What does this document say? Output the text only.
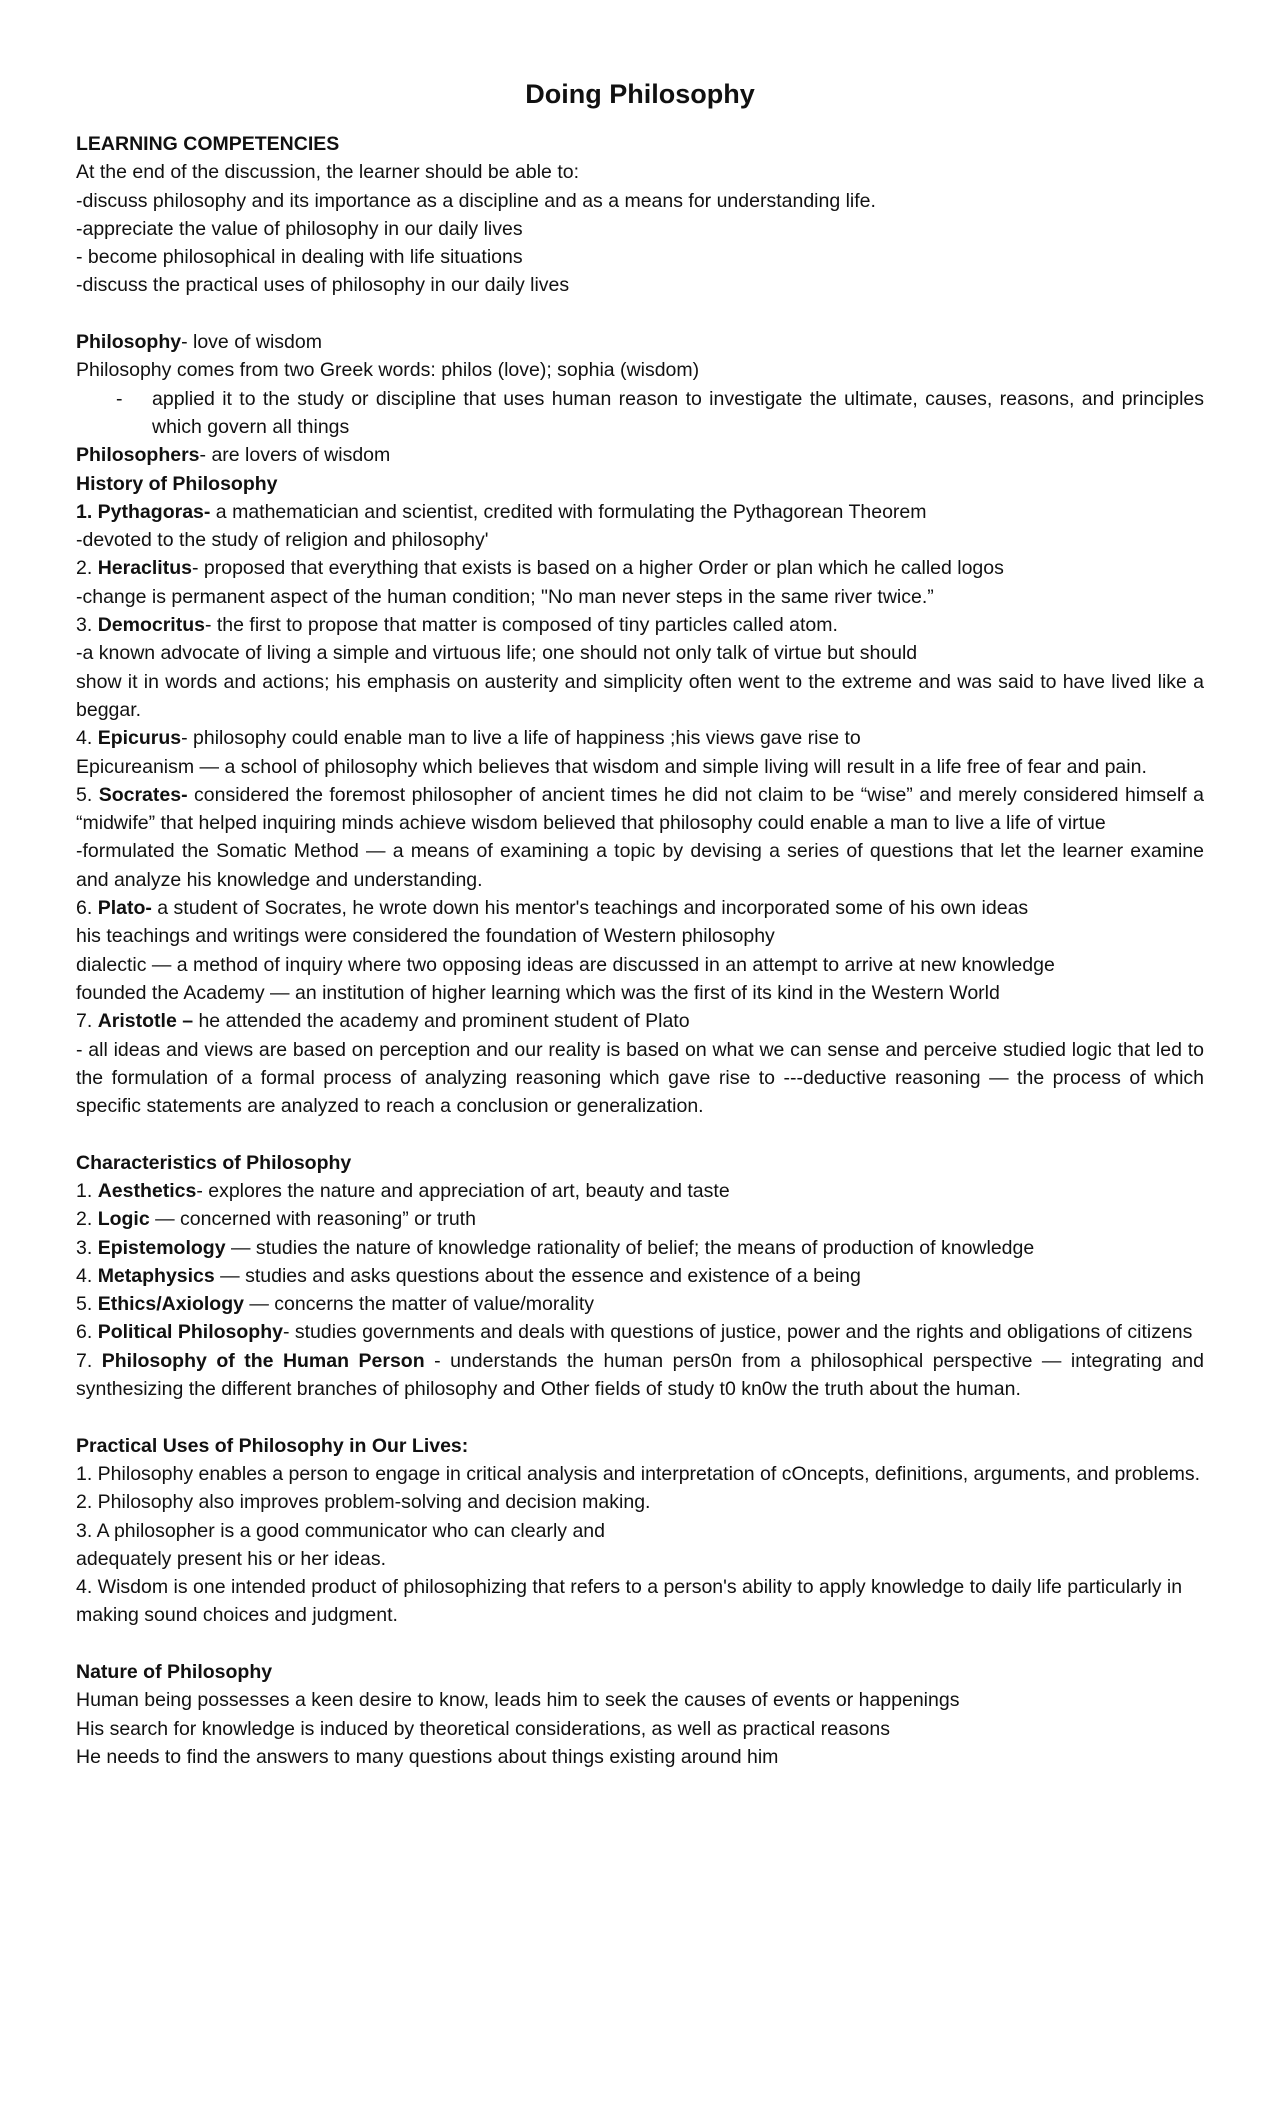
Doing Philosophy

LEARNING COMPETENCIES

At the end of the discussion, the learner should be able to:

-discuss philosophy and its importance as a discipline and as a means for understanding life.

-appreciate the value of philosophy in our daily lives

- become philosophical in dealing with life situations

-discuss the practical uses of philosophy in our daily lives

Philosophy- love of wisdom

Philosophy comes from two Greek words: philos (love); sophia (wisdom)

-	applied it to the study or discipline that uses human reason to investigate the ultimate, causes, reasons, and principles which govern all things

Philosophers- are lovers of wisdom

History of Philosophy

1. Pythagoras- a mathematician and scientist, credited with formulating the Pythagorean Theorem

-devoted to the study of religion and philosophy'

2. Heraclitus- proposed that everything that exists is based on a higher Order or plan which he called logos

-change is permanent aspect of the human condition; "No man never steps in the same river twice.”

3. Democritus- the first to propose that matter is composed of tiny particles called atom.

-a known advocate of living a simple and virtuous life; one should not only talk of virtue but should

show it in words and actions; his emphasis on austerity and simplicity often went to the extreme and was said to have lived like a beggar.

4. Epicurus- philosophy could enable man to live a life of happiness ;his views gave rise to

Epicureanism — a school of philosophy which believes that wisdom and simple living will result in a life free of fear and pain.

5. Socrates- considered the foremost philosopher of ancient times he did not claim to be “wise” and merely considered himself a “midwife” that helped inquiring minds achieve wisdom believed that philosophy could enable a man to live a life of virtue

-formulated the Somatic Method — a means of examining a topic by devising a series of questions that let the learner examine and analyze his knowledge and understanding.

6. Plato- a student of Socrates, he wrote down his mentor's teachings and incorporated some of his own ideas

his teachings and writings were considered the foundation of Western philosophy

dialectic — a method of inquiry where two opposing ideas are discussed in an attempt to arrive at new knowledge

founded the Academy — an institution of higher learning which was the first of its kind in the Western World

7. Aristotle – he attended the academy and prominent student of Plato

- all ideas and views are based on perception and our reality is based on what we can sense and perceive studied logic that led to the formulation of a formal process of analyzing reasoning which gave rise to ---deductive reasoning — the process of which specific statements are analyzed to reach a conclusion or generalization.

Characteristics of Philosophy

1. Aesthetics- explores the nature and appreciation of art, beauty and taste

2. Logic — concerned with reasoning” or truth

3. Epistemology — studies the nature of knowledge rationality of belief; the means of production of knowledge

4. Metaphysics — studies and asks questions about the essence and existence of a being

5. Ethics/Axiology — concerns the matter of value/morality

6. Political Philosophy- studies governments and deals with questions of justice, power and the rights and obligations of citizens

7. Philosophy of the Human Person - understands the human pers0n from a philosophical perspective — integrating and synthesizing the different branches of philosophy and Other fields of study t0 kn0w the truth about the human.

Practical Uses of Philosophy in Our Lives:

1. Philosophy enables a person to engage in critical analysis and interpretation of cOncepts, definitions, arguments, and problems.

2. Philosophy also improves problem-solving and decision making.

3. A philosopher is a good communicator who can clearly and

adequately present his or her ideas.

4. Wisdom is one intended product of philosophizing that refers to a person's ability to apply knowledge to daily life particularly in making sound choices and judgment.

Nature of Philosophy

Human being possesses a keen desire to know, leads him to seek the causes of events or happenings

His search for knowledge is induced by theoretical considerations, as well as practical reasons

He needs to find the answers to many questions about things existing around him
